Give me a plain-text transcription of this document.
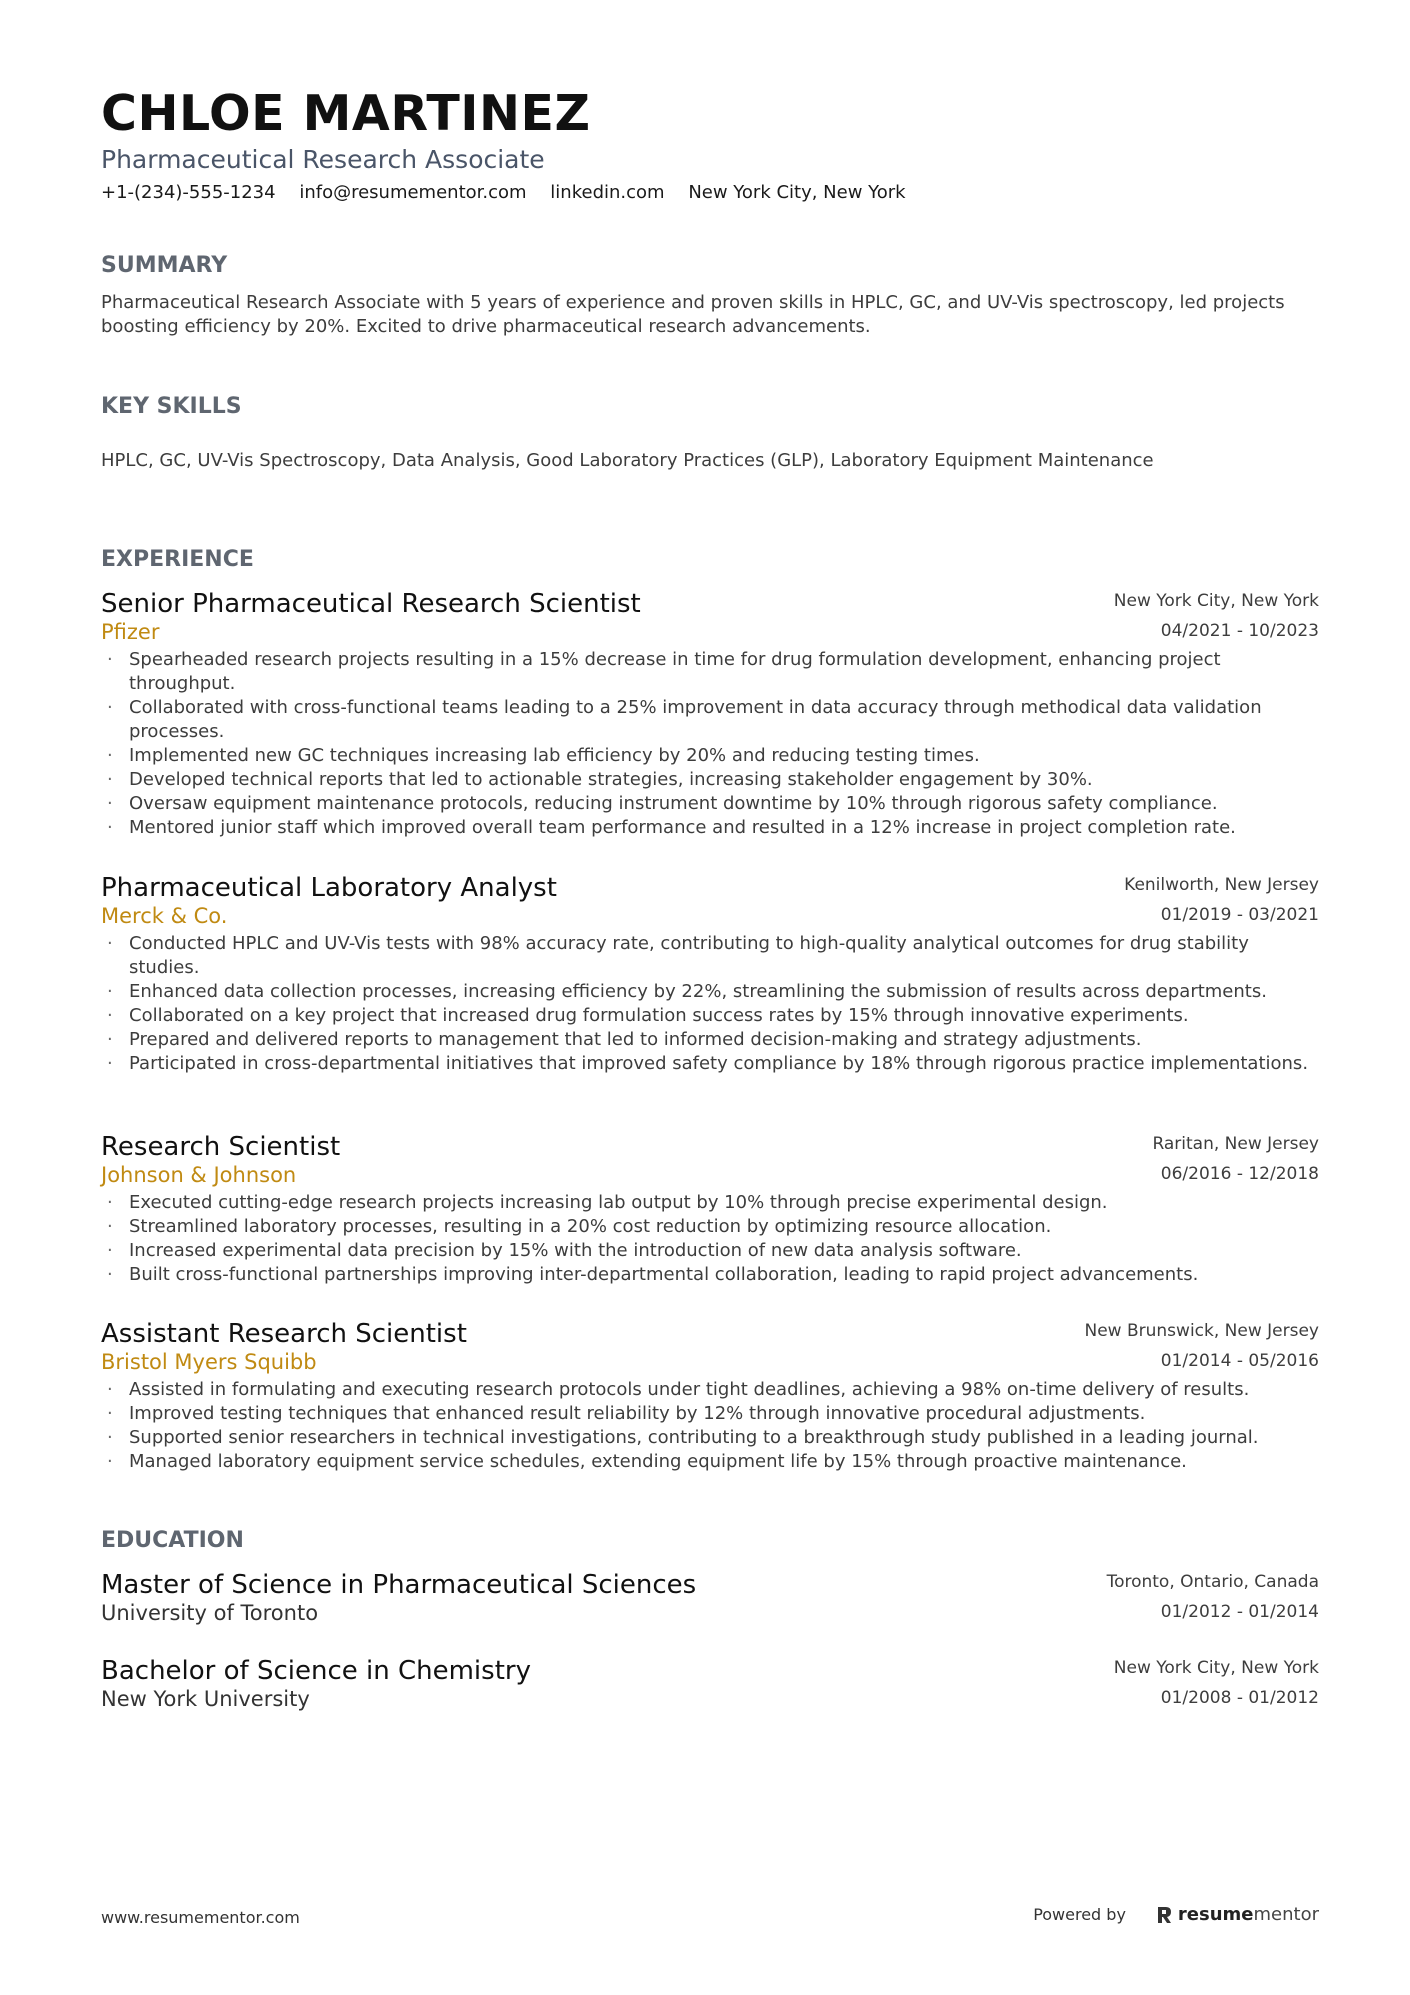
CHLOE MARTINEZ
Pharmaceutical Research Associate
+1-(234)-555-1234 info@resumementor.com linkedin.com New York City, New York
SUMMARY
Pharmaceutical Research Associate with 5 years of experience and proven skills in HPLC, GC, and UV-Vis spectroscopy, led projects boosting efficiency by 20%. Excited to drive pharmaceutical research advancements.
KEY SKILLS
HPLC, GC, UV-Vis Spectroscopy, Data Analysis, Good Laboratory Practices (GLP), Laboratory Equipment Maintenance
EXPERIENCE
Senior Pharmaceutical Research Scientist
Pfizer
New York City, New York
04/2021 - 10/2023
· Spearheaded research projects resulting in a 15% decrease in time for drug formulation development, enhancing project throughput.
· Collaborated with cross-functional teams leading to a 25% improvement in data accuracy through methodical data validation processes.
· Implemented new GC techniques increasing lab efficiency by 20% and reducing testing times.
· Developed technical reports that led to actionable strategies, increasing stakeholder engagement by 30%.
· Oversaw equipment maintenance protocols, reducing instrument downtime by 10% through rigorous safety compliance.
· Mentored junior staff which improved overall team performance and resulted in a 12% increase in project completion rate.
Pharmaceutical Laboratory Analyst
Merck & Co.
Kenilworth, New Jersey
01/2019 - 03/2021
· Conducted HPLC and UV-Vis tests with 98% accuracy rate, contributing to high-quality analytical outcomes for drug stability studies.
· Enhanced data collection processes, increasing efficiency by 22%, streamlining the submission of results across departments.
· Collaborated on a key project that increased drug formulation success rates by 15% through innovative experiments.
· Prepared and delivered reports to management that led to informed decision-making and strategy adjustments.
· Participated in cross-departmental initiatives that improved safety compliance by 18% through rigorous practice implementations.
Research Scientist
Johnson & Johnson
Raritan, New Jersey
06/2016 - 12/2018
· Executed cutting-edge research projects increasing lab output by 10% through precise experimental design.
· Streamlined laboratory processes, resulting in a 20% cost reduction by optimizing resource allocation.
· Increased experimental data precision by 15% with the introduction of new data analysis software.
· Built cross-functional partnerships improving inter-departmental collaboration, leading to rapid project advancements.
Assistant Research Scientist
Bristol Myers Squibb
New Brunswick, New Jersey
01/2014 - 05/2016
· Assisted in formulating and executing research protocols under tight deadlines, achieving a 98% on-time delivery of results.
· Improved testing techniques that enhanced result reliability by 12% through innovative procedural adjustments.
· Supported senior researchers in technical investigations, contributing to a breakthrough study published in a leading journal.
· Managed laboratory equipment service schedules, extending equipment life by 15% through proactive maintenance.
EDUCATION
Master of Science in Pharmaceutical Sciences
University of Toronto
Toronto, Ontario, Canada
01/2012 - 01/2014
Bachelor of Science in Chemistry
New York University
New York City, New York
01/2008 - 01/2012
www.resumementor.com	Powered by	resume mentor
